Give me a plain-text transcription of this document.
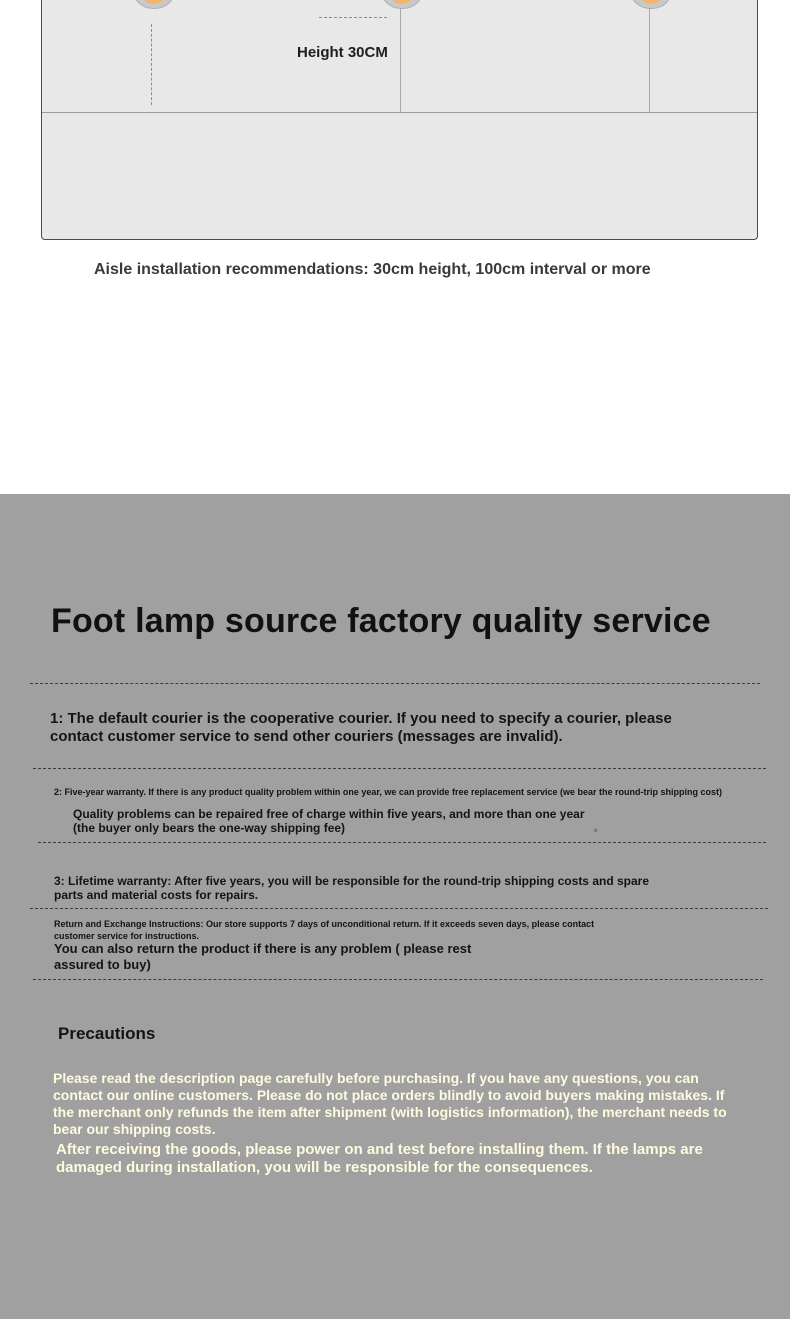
Height 30CM
Aisle installation recommendations: 30cm height, 100cm interval or more
Foot lamp source factory quality service
1: The default courier is the cooperative courier. If you need to specify a courier, please contact customer service to send other couriers (messages are invalid).
2: Five-year warranty. If there is any product quality problem within one year, we can provide free replacement service (we bear the round-trip shipping cost)
Quality problems can be repaired free of charge within five years, and more than one year (the buyer only bears the one-way shipping fee)	。
3: Lifetime warranty: After five years, you will be responsible for the round-trip shipping costs and spare parts and material costs for repairs.
Return and Exchange Instructions: Our store supports 7 days of unconditional return. If it exceeds seven days, please contact customer service for instructions.
You can also return the product if there is any problem ( please rest assured to buy)
Precautions
Please read the description page carefully before purchasing. If you have any questions, you can contact our online customers. Please do not place orders blindly to avoid buyers making mistakes. If the merchant only refunds the item after shipment (with logistics information), the merchant needs to bear our shipping costs.
After receiving the goods, please power on and test before installing them. If the lamps are damaged during installation, you will be responsible for the consequences.
